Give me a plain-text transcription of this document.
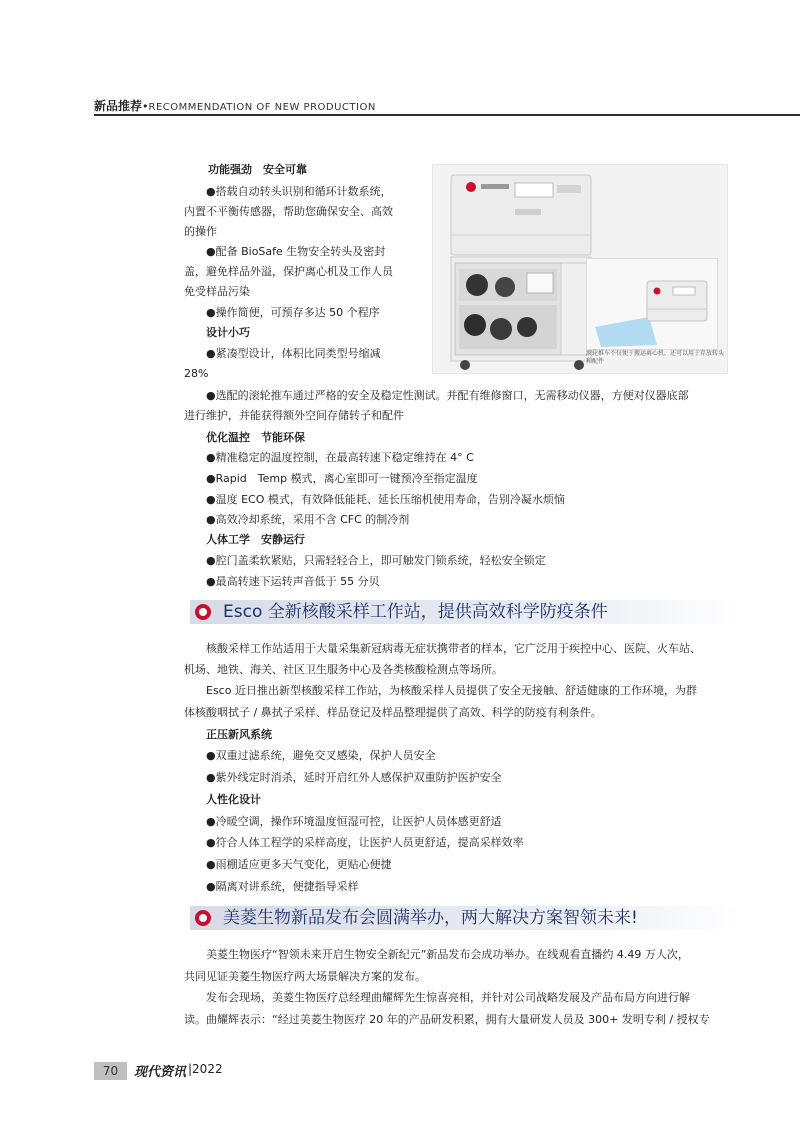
新品推荐•RECOMMENDATION OF NEW PRODUCTION
滚轮推车不仅便于搬运离心机，还可以用于存放转头和配件
功能强劲　安全可靠
●搭载自动转头识别和循环计数系统，
内置不平衡传感器，帮助您确保安全、高效
的操作
●配备 BioSafe 生物安全转头及密封
盖，避免样品外溢，保护离心机及工作人员
免受样品污染
●操作简便，可预存多达 50 个程序
设计小巧
●紧凑型设计，体积比同类型号缩减
28%
●选配的滚轮推车通过严格的安全及稳定性测试。并配有维修窗口，无需移动仪器，方便对仪器底部
进行维护，并能获得额外空间存储转子和配件
优化温控　节能环保
●精准稳定的温度控制，在最高转速下稳定维持在 4° C
●Rapid　Temp 模式，离心室即可一键预冷至指定温度
●温度 ECO 模式，有效降低能耗、延长压缩机使用寿命，告别冷凝水烦恼
●高效冷却系统，采用不含 CFC 的制冷剂
人体工学　安静运行
●腔门盖柔软紧贴，只需轻轻合上，即可触发门锁系统，轻松安全锁定
●最高转速下运转声音低于 55 分贝
Esco 全新核酸采样工作站，提供高效科学防疫条件
核酸采样工作站适用于大量采集新冠病毒无症状携带者的样本，它广泛用于疾控中心、医院、火车站、
机场、地铁、海关、社区卫生服务中心及各类核酸检测点等场所。
Esco 近日推出新型核酸采样工作站，为核酸采样人员提供了安全无接触、舒适健康的工作环境，为群
体核酸咽拭子 / 鼻拭子采样、样品登记及样品整理提供了高效、科学的防疫有利条件。
正压新风系统
●双重过滤系统，避免交叉感染，保护人员安全
●紫外线定时消杀，延时开启红外人感保护双重防护医护安全
人性化设计
●冷暖空调，操作环境温度恒湿可控，让医护人员体感更舒适
●符合人体工程学的采样高度，让医护人员更舒适，提高采样效率
●雨棚适应更多天气变化，更贴心便捷
●隔离对讲系统，便捷指导采样
美菱生物新品发布会圆满举办，两大解决方案智领未来!
美菱生物医疗“智领未来开启生物安全新纪元”新品发布会成功举办。在线观看直播约 4.49 万人次，
共同见证美菱生物医疗两大场景解决方案的发布。
发布会现场，美菱生物医疗总经理曲耀辉先生惊喜亮相，并针对公司战略发展及产品布局方向进行解
读。曲耀辉表示：“经过美菱生物医疗 20 年的产品研发积累，拥有大量研发人员及 300+ 发明专利 / 授权专
70	现代资讯 |2022
